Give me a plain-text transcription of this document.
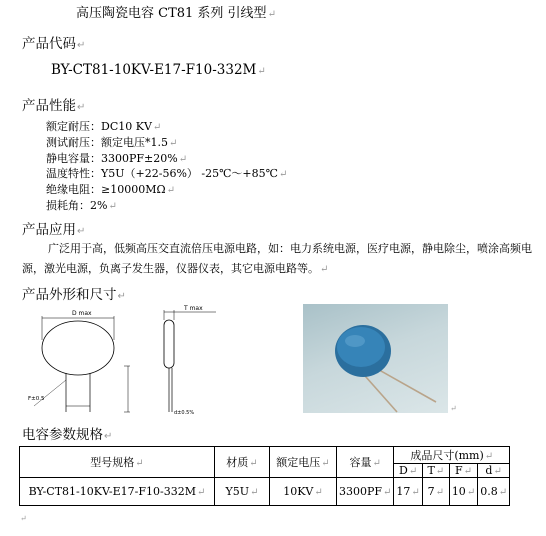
高压陶瓷电容 CT81 系列 引线型↵
产品代码↵
BY-CT81-10KV-E17-F10-332M↵
产品性能↵
额定耐压：DC10 KV↵
测试耐压：额定电压*1.5↵
静电容量：3300PF±20%↵
温度特性：Y5U（+22-56%） -25℃～+85℃↵
绝缘电阻：≥10000MΩ↵
损耗角：2%↵
产品应用↵
广泛用于高，低频高压交直流倍压电源电路，如：电力系统电源，医疗电源，静电除尘，喷涂高频电源，激光电源，负离子发生器，仪器仪表，其它电源电路等。↵
产品外形和尺寸↵
D max
F±0.5
T max
d±0.5%	↵
电容参数规格↵
型号规格↵	材质↵	额定电压↵	容量↵	成品尺寸(mm)↵			
				D↵	T↵	F↵	d↵
BY-CT81-10KV-E17-F10-332M↵	Y5U↵	10KV↵	3300PF↵	17↵	7↵	10↵	0.8↵
↵
